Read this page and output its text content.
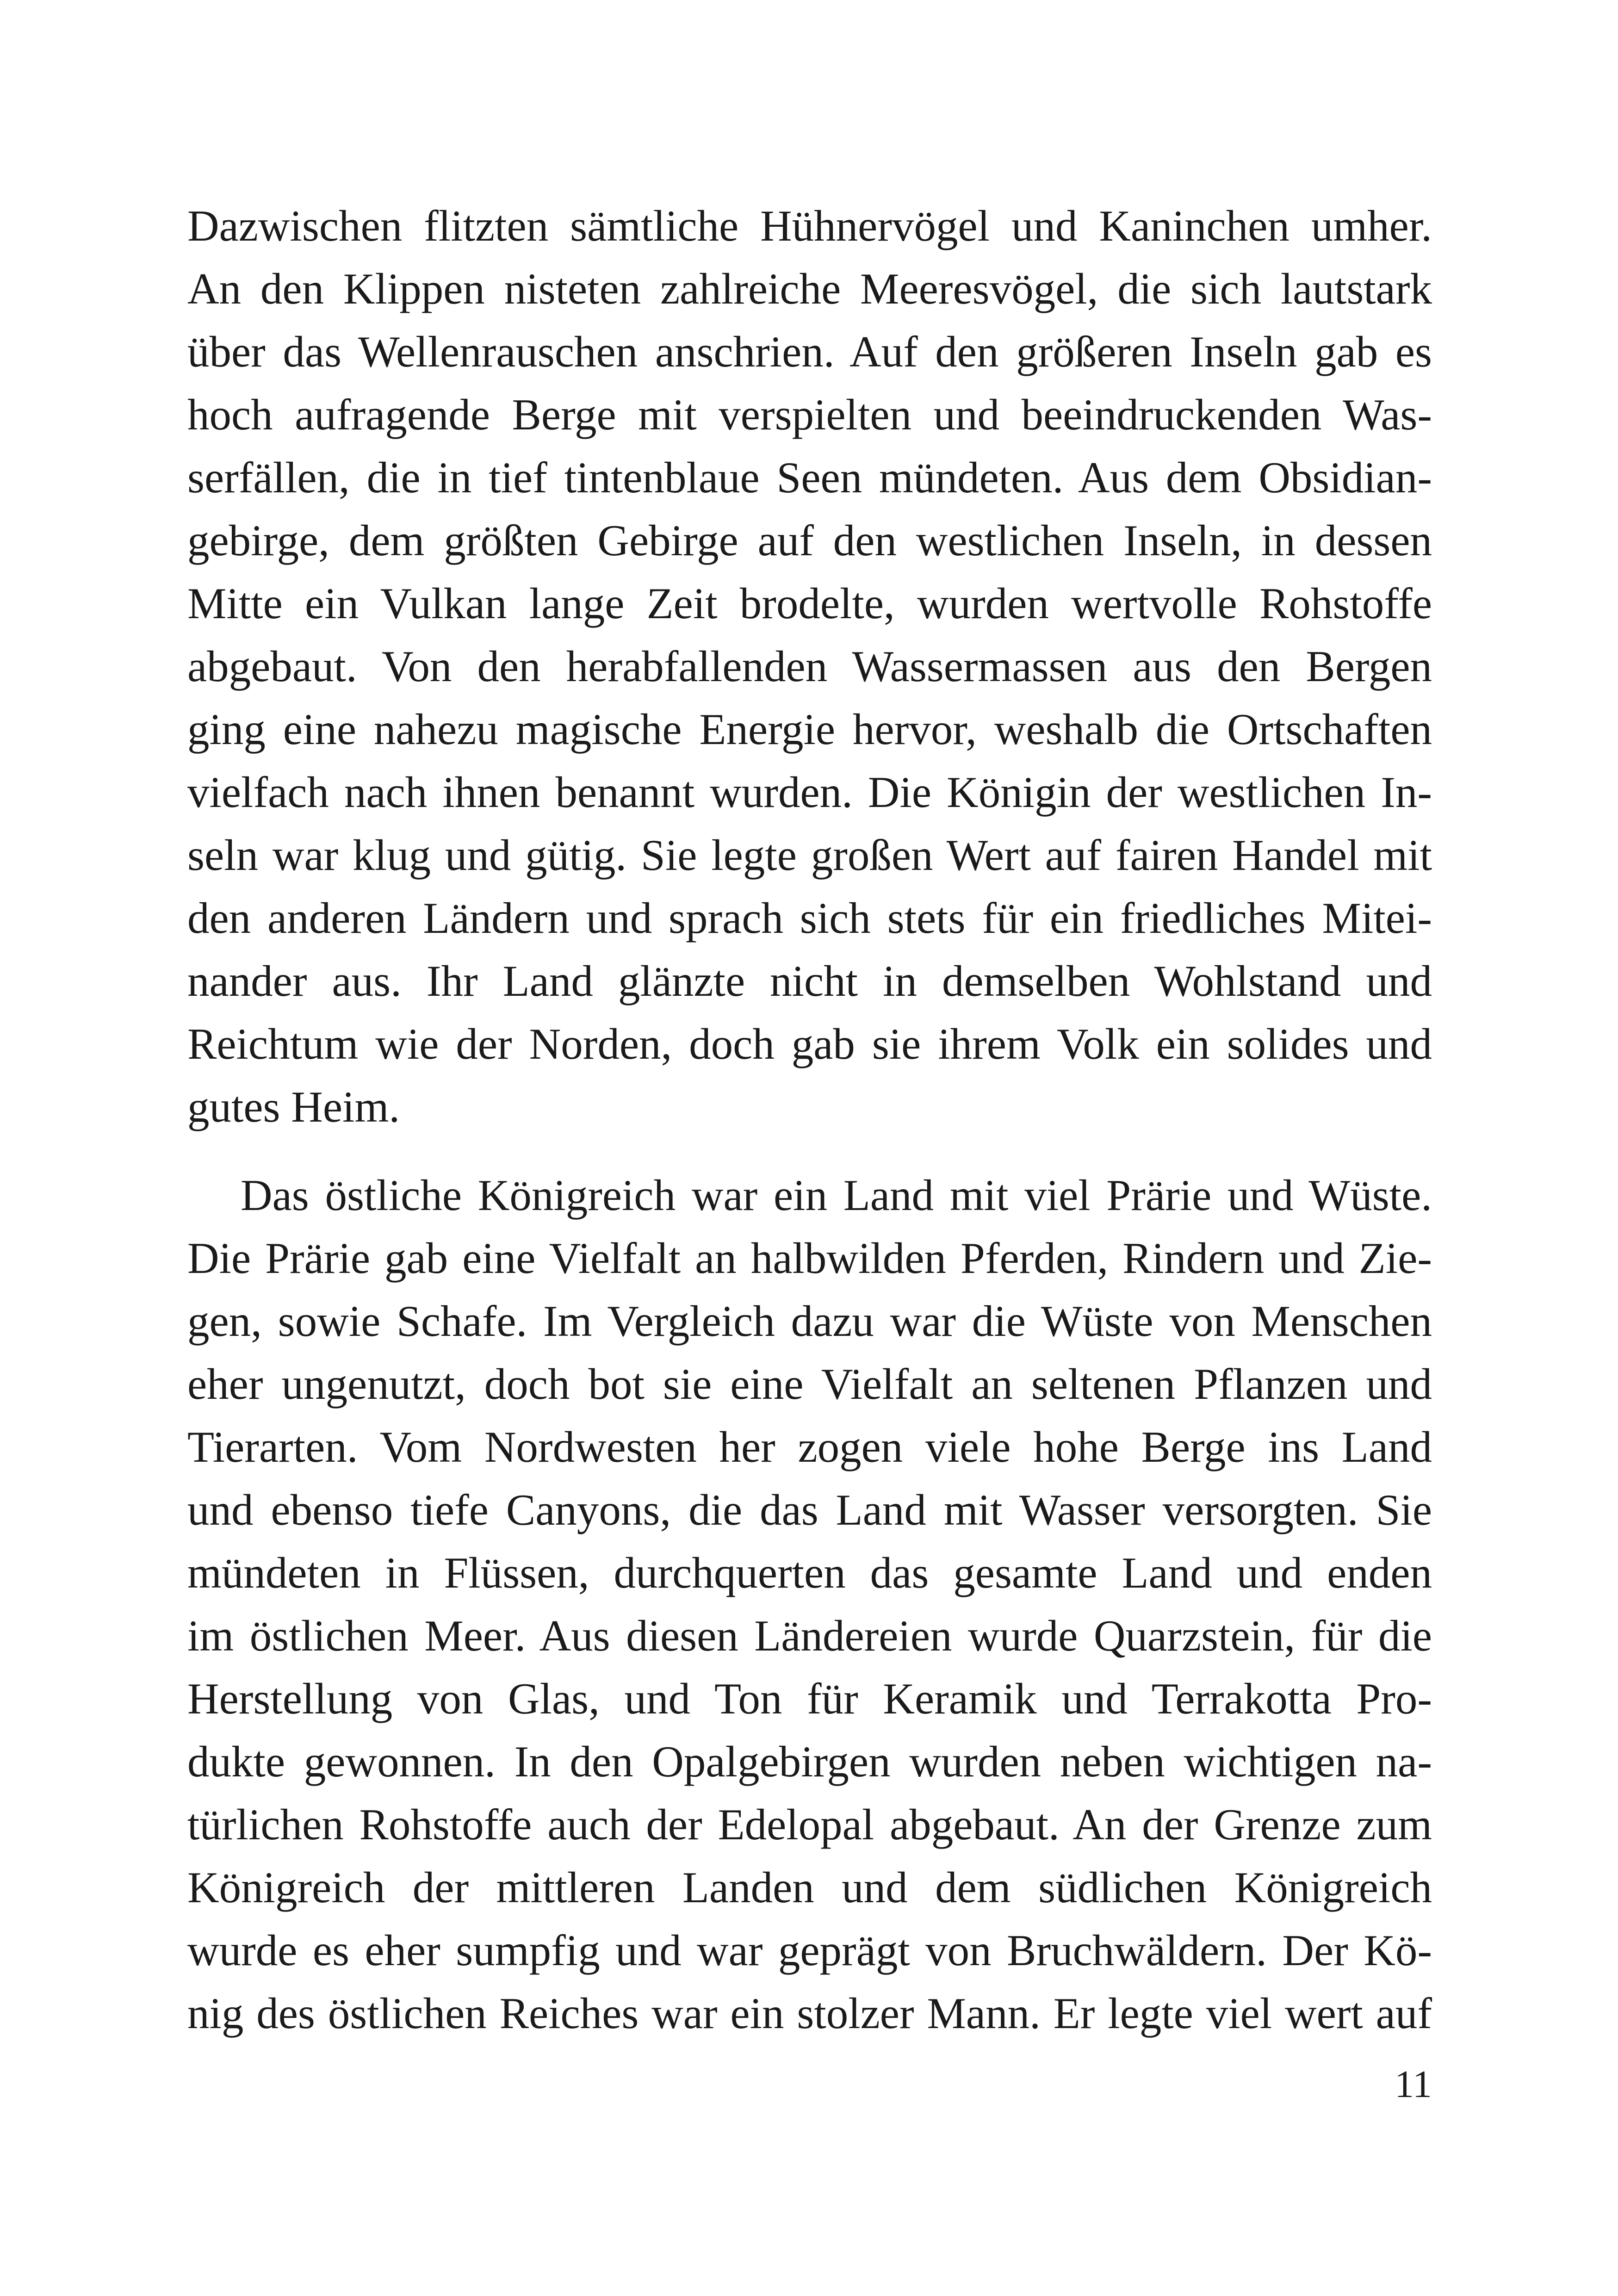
Dazwischen flitzten sämtliche Hühnervögel und Kaninchen umher.
An den Klippen nisteten zahlreiche Meeresvögel, die sich lautstark
über das Wellenrauschen anschrien. Auf den größeren Inseln gab es
hoch aufragende Berge mit verspielten und beeindruckenden Was-
serfällen, die in tief tintenblaue Seen mündeten. Aus dem Obsidian-
gebirge, dem größten Gebirge auf den westlichen Inseln, in dessen
Mitte ein Vulkan lange Zeit brodelte, wurden wertvolle Rohstoffe
abgebaut. Von den herabfallenden Wassermassen aus den Bergen
ging eine nahezu magische Energie hervor, weshalb die Ortschaften
vielfach nach ihnen benannt wurden. Die Königin der westlichen In-
seln war klug und gütig. Sie legte großen Wert auf fairen Handel mit
den anderen Ländern und sprach sich stets für ein friedliches Mitei-
nander aus. Ihr Land glänzte nicht in demselben Wohlstand und
Reichtum wie der Norden, doch gab sie ihrem Volk ein solides und
gutes Heim.
Das östliche Königreich war ein Land mit viel Prärie und Wüste.
Die Prärie gab eine Vielfalt an halbwilden Pferden, Rindern und Zie-
gen, sowie Schafe. Im Vergleich dazu war die Wüste von Menschen
eher ungenutzt, doch bot sie eine Vielfalt an seltenen Pflanzen und
Tierarten. Vom Nordwesten her zogen viele hohe Berge ins Land
und ebenso tiefe Canyons, die das Land mit Wasser versorgten. Sie
mündeten in Flüssen, durchquerten das gesamte Land und enden
im östlichen Meer. Aus diesen Ländereien wurde Quarzstein, für die
Herstellung von Glas, und Ton für Keramik und Terrakotta Pro-
dukte gewonnen. In den Opalgebirgen wurden neben wichtigen na-
türlichen Rohstoffe auch der Edelopal abgebaut. An der Grenze zum
Königreich der mittleren Landen und dem südlichen Königreich
wurde es eher sumpfig und war geprägt von Bruchwäldern. Der Kö-
nig des östlichen Reiches war ein stolzer Mann. Er legte viel wert auf
11
